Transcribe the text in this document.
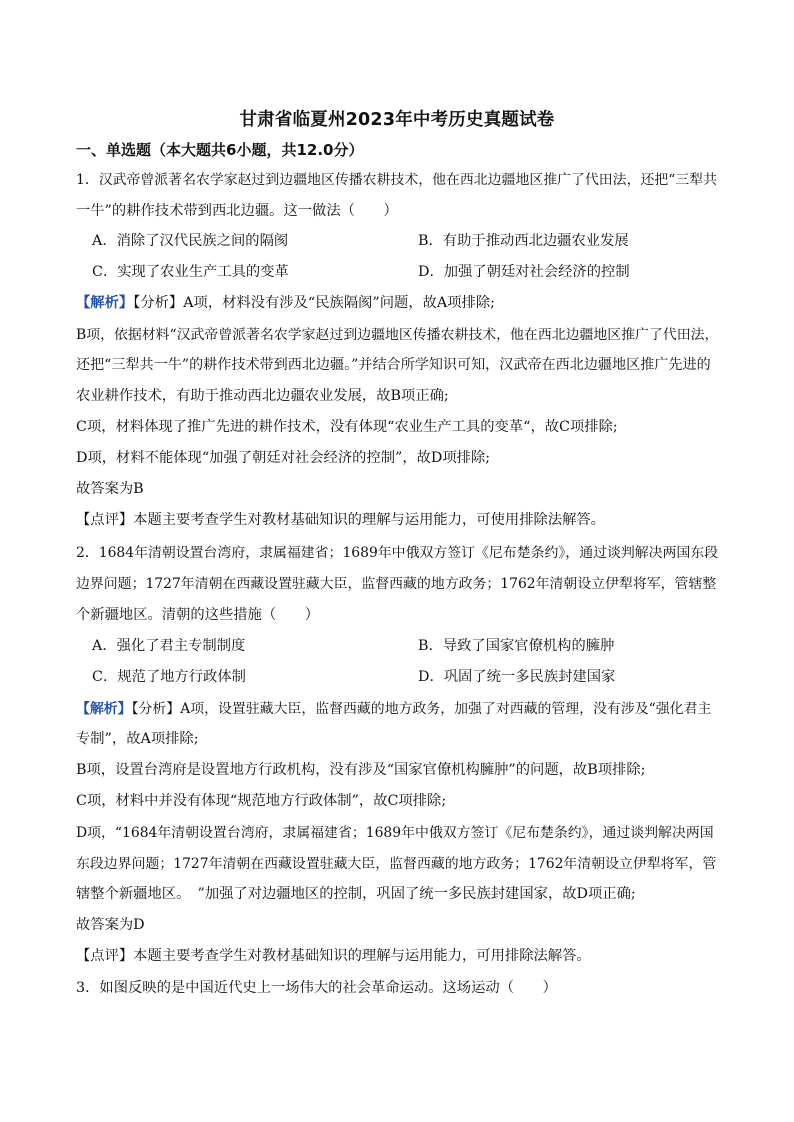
甘肃省临夏州2023年中考历史真题试卷
一、单选题（本大题共6小题，共12.0分）
1．汉武帝曾派著名农学家赵过到边疆地区传播农耕技术，他在西北边疆地区推广了代田法，还把“三犁共
一牛”的耕作技术带到西北边疆。这一做法（　　）
A．消除了汉代民族之间的隔阂	B．有助于推动西北边疆农业发展
C．实现了农业生产工具的变革	D．加强了朝廷对社会经济的控制
【解析】【分析】A项，材料没有涉及“民族隔阂”问题，故A项排除;
B项，依据材料“汉武帝曾派著名农学家赵过到边疆地区传播农耕技术，他在西北边疆地区推广了代田法，
还把“三犁共一牛”的耕作技术带到西北边疆。”并结合所学知识可知，汉武帝在西北边疆地区推广先进的
农业耕作技术，有助于推动西北边疆农业发展，故B项正确;
C项，材料体现了推广先进的耕作技术，没有体现“农业生产工具的变革“，故C项排除;
D项，材料不能体现“加强了朝廷对社会经济的控制”，故D项排除;
故答案为B
【点评】本题主要考查学生对教材基础知识的理解与运用能力，可使用排除法解答。
2．1684年清朝设置台湾府，隶属福建省；1689年中俄双方签订《尼布楚条约》，通过谈判解决两国东段
边界问题；1727年清朝在西藏设置驻藏大臣，监督西藏的地方政务；1762年清朝设立伊犁将军，管辖整
个新疆地区。清朝的这些措施（　　）
A．强化了君主专制制度	B．导致了国家官僚机构的臃肿
C．规范了地方行政体制	D．巩固了统一多民族封建国家
【解析】【分析】A项，设置驻藏大臣，监督西藏的地方政务，加强了对西藏的管理，没有涉及“强化君主
专制”，故A项排除;
B项，设置台湾府是设置地方行政机构，没有涉及“国家官僚机构臃肿”的问题，故B项排除;
C项，材料中并没有体现“规范地方行政体制”，故C项排除;
D项，“1684年清朝设置台湾府，隶属福建省；1689年中俄双方签订《尼布楚条约》，通过谈判解决两国
东段边界问题；1727年清朝在西藏设置驻藏大臣，监督西藏的地方政务；1762年清朝设立伊犁将军，管
辖整个新疆地区。　”加强了对边疆地区的控制，巩固了统一多民族封建国家，故D项正确;
故答案为D
【点评】本题主要考查学生对教材基础知识的理解与运用能力，可用排除法解答。
3．如图反映的是中国近代史上一场伟大的社会革命运动。这场运动（　　）
